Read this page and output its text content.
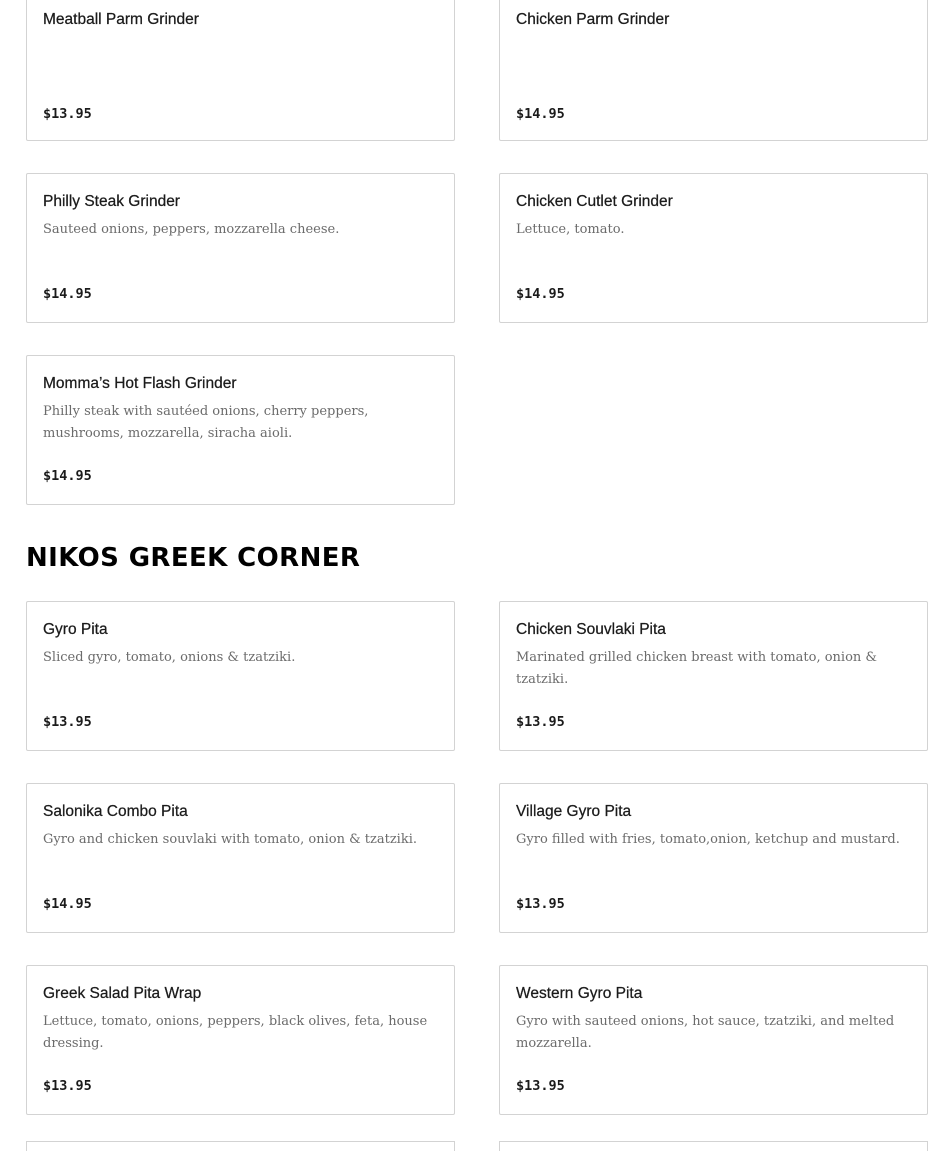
Meatball Parm Grinder
$13.95
Chicken Parm Grinder
$14.95
Philly Steak Grinder
Sauteed onions, peppers, mozzarella cheese.
$14.95
Chicken Cutlet Grinder
Lettuce, tomato.
$14.95
Momma’s Hot Flash Grinder
Philly steak with sautéed onions, cherry peppers, mushrooms, mozzarella, siracha aioli.
$14.95
NIKOS GREEK CORNER
Gyro Pita
Sliced gyro, tomato, onions & tzatziki.
$13.95
Chicken Souvlaki Pita
Marinated grilled chicken breast with tomato, onion & tzatziki.
$13.95
Salonika Combo Pita
Gyro and chicken souvlaki with tomato, onion & tzatziki.
$14.95
Village Gyro Pita
Gyro filled with fries, tomato,onion, ketchup and mustard.
$13.95
Greek Salad Pita Wrap
Lettuce, tomato, onions, peppers, black olives, feta, house dressing.
$13.95
Western Gyro Pita
Gyro with sauteed onions, hot sauce, tzatziki, and melted mozzarella.
$13.95
